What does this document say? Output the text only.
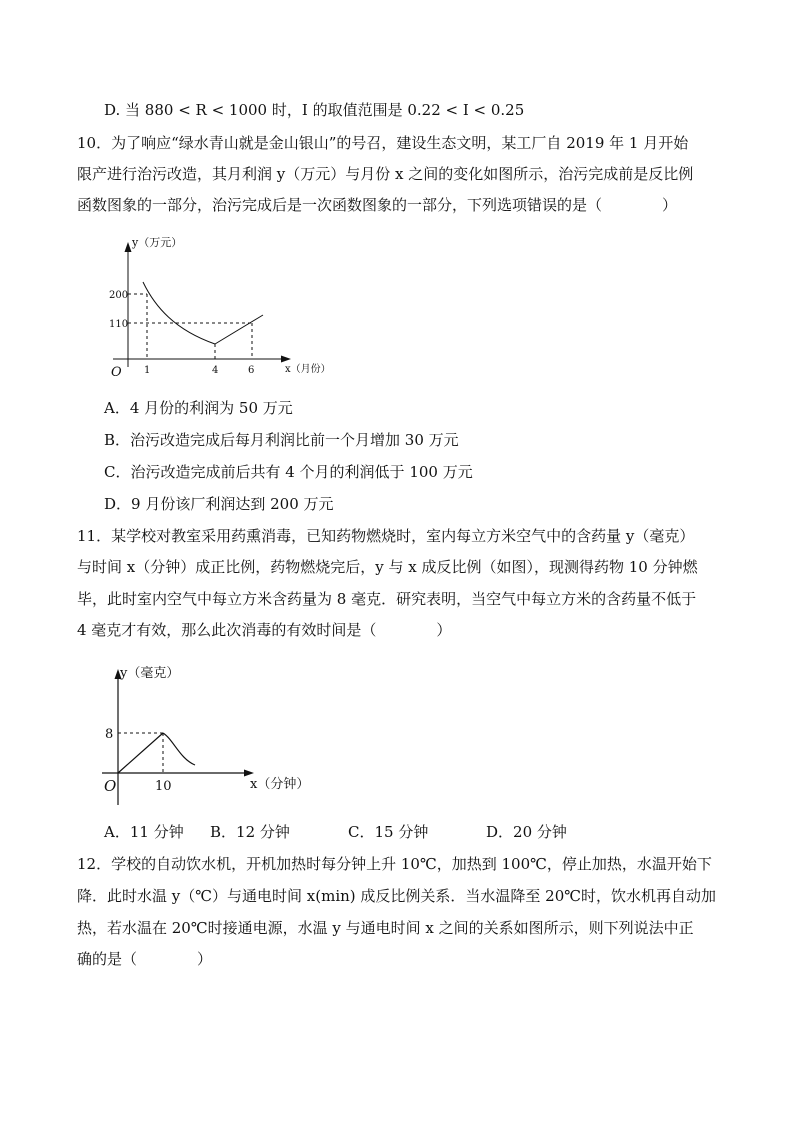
D. 当 880 < R < 1000 时，I 的取值范围是 0.22 < I < 0.25
10．为了响应“绿水青山就是金山银山”的号召，建设生态文明，某工厂自 2019 年 1 月开始
限产进行治污改造，其月利润 y（万元）与月份 x 之间的变化如图所示，治污完成前是反比例
函数图象的一部分，治污完成后是一次函数图象的一部分，下列选项错误的是（　　　　）
y（万元）
x（月份）
O
200
110
1	4	6
A．4 月份的利润为 50 万元
B．治污改造完成后每月利润比前一个月增加 30 万元
C．治污改造完成前后共有 4 个月的利润低于 100 万元
D．9 月份该厂利润达到 200 万元
11．某学校对教室采用药熏消毒，已知药物燃烧时，室内每立方米空气中的含药量 y（毫克）
与时间 x（分钟）成正比例，药物燃烧完后，y 与 x 成反比例（如图），现测得药物 10 分钟燃
毕，此时室内空气中每立方米含药量为 8 毫克．研究表明，当空气中每立方米的含药量不低于
4 毫克才有效，那么此次消毒的有效时间是（　　　　）
y（毫克）
x（分钟）
O
8
10
A．11 分钟 B．12 分钟	C．15 分钟	D．20 分钟
12．学校的自动饮水机，开机加热时每分钟上升 10℃，加热到 100℃，停止加热，水温开始下
降．此时水温 y（℃）与通电时间 x(min) 成反比例关系．当水温降至 20℃时，饮水机再自动加
热，若水温在 20℃时接通电源，水温 y 与通电时间 x 之间的关系如图所示，则下列说法中正
确的是（　　　　）
